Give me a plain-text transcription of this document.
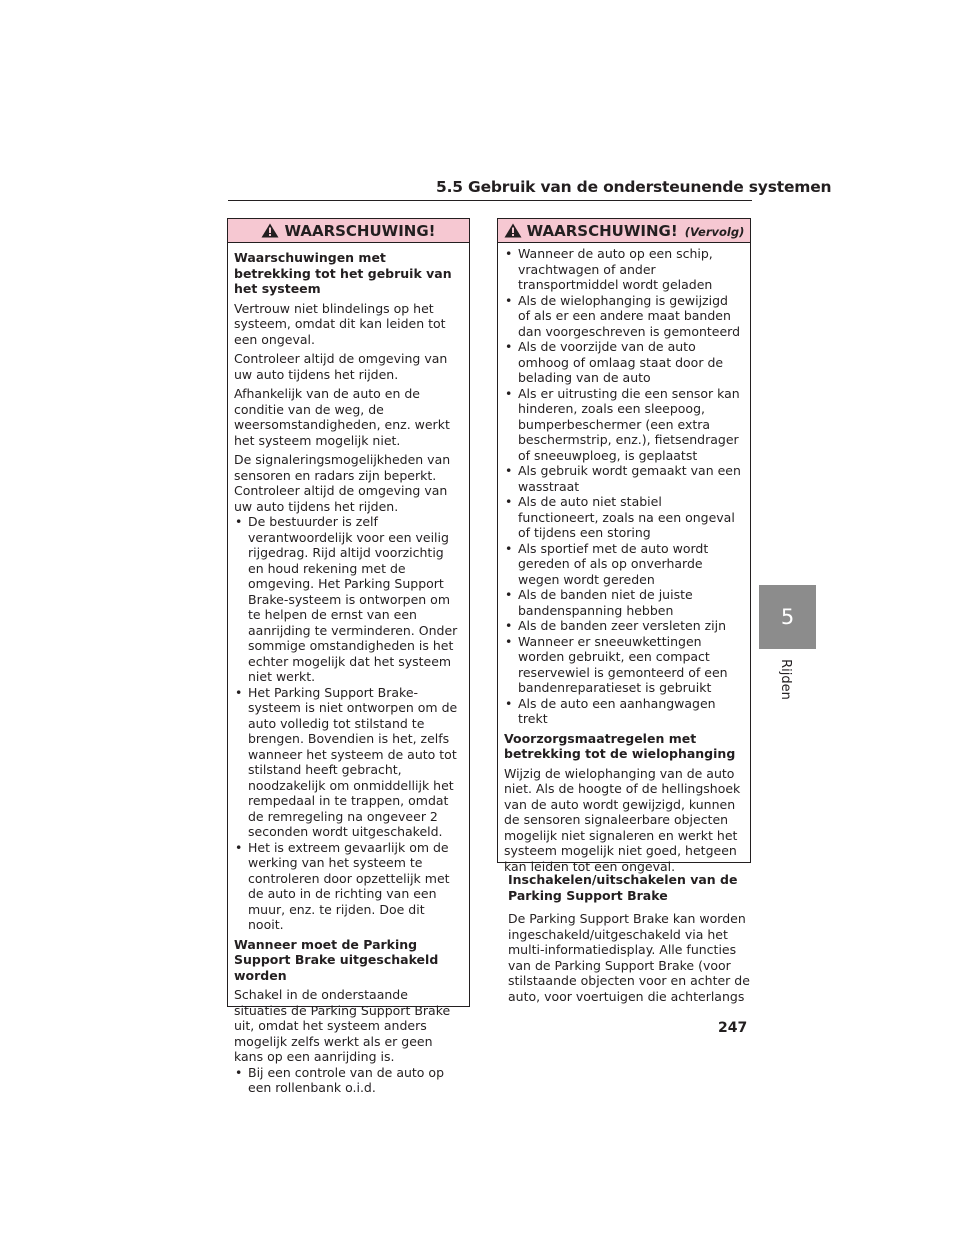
5.5 Gebruik van de ondersteunende systemen
5
Rijden
WAARSCHUWING!
Waarschuwingen met betrekking tot het gebruik van het systeem

Vertrouw niet blindelings op het systeem, omdat dit kan leiden tot een ongeval.

Controleer altijd de omgeving van uw auto tijdens het rijden.

Afhankelijk van de auto en de conditie van de weg, de weersomstandigheden, enz. werkt het systeem mogelijk niet.

De signaleringsmogelijkheden van sensoren en radars zijn beperkt. Controleer altijd de omgeving van uw auto tijdens het rijden.

• De bestuurder is zelf verantwoordelijk voor een veilig rijgedrag. Rijd altijd voorzichtig en houd rekening met de omgeving. Het Parking Support Brake-systeem is ontworpen om te helpen de ernst van een aanrijding te verminderen. Onder sommige omstandigheden is het echter mogelijk dat het systeem niet werkt.
• Het Parking Support Brake-systeem is niet ontworpen om de auto volledig tot stilstand te brengen. Bovendien is het, zelfs wanneer het systeem de auto tot stilstand heeft gebracht, noodzakelijk om onmiddellijk het rempedaal in te trappen, omdat de remregeling na ongeveer 2 seconden wordt uitgeschakeld.
• Het is extreem gevaarlijk om de werking van het systeem te controleren door opzettelijk met de auto in de richting van een muur, enz. te rijden. Doe dit nooit.
Wanneer moet de Parking Support Brake uitgeschakeld worden

Schakel in de onderstaande situaties de Parking Support Brake uit, omdat het systeem anders mogelijk zelfs werkt als er geen kans op een aanrijding is.

• Bij een controle van de auto op een rollenbank o.i.d.
WAARSCHUWING! (Vervolg)
• Wanneer de auto op een schip, vrachtwagen of ander transportmiddel wordt geladen
• Als de wielophanging is gewijzigd of als er een andere maat banden dan voorgeschreven is gemonteerd
• Als de voorzijde van de auto omhoog of omlaag staat door de belading van de auto
• Als er uitrusting die een sensor kan hinderen, zoals een sleepoog, bumperbeschermer (een extra beschermstrip, enz.), fietsendrager of sneeuwploeg, is geplaatst
• Als gebruik wordt gemaakt van een wasstraat
• Als de auto niet stabiel functioneert, zoals na een ongeval of tijdens een storing
• Als sportief met de auto wordt gereden of als op onverharde wegen wordt gereden
• Als de banden niet de juiste bandenspanning hebben
• Als de banden zeer versleten zijn
• Wanneer er sneeuwkettingen worden gebruikt, een compact reservewiel is gemonteerd of een bandenreparatieset is gebruikt
• Als de auto een aanhangwagen trekt
Voorzorgsmaatregelen met betrekking tot de wielophanging

Wijzig de wielophanging van de auto niet. Als de hoogte of de hellingshoek van de auto wordt gewijzigd, kunnen de sensoren signaleerbare objecten mogelijk niet signaleren en werkt het systeem mogelijk niet goed, hetgeen kan leiden tot een ongeval.

Inschakelen/uitschakelen van de Parking Support Brake

De Parking Support Brake kan worden ingeschakeld/uitgeschakeld via het multi-informatiedisplay. Alle functies van de Parking Support Brake (voor stilstaande objecten voor en achter de auto, voor voertuigen die achterlangs

247
